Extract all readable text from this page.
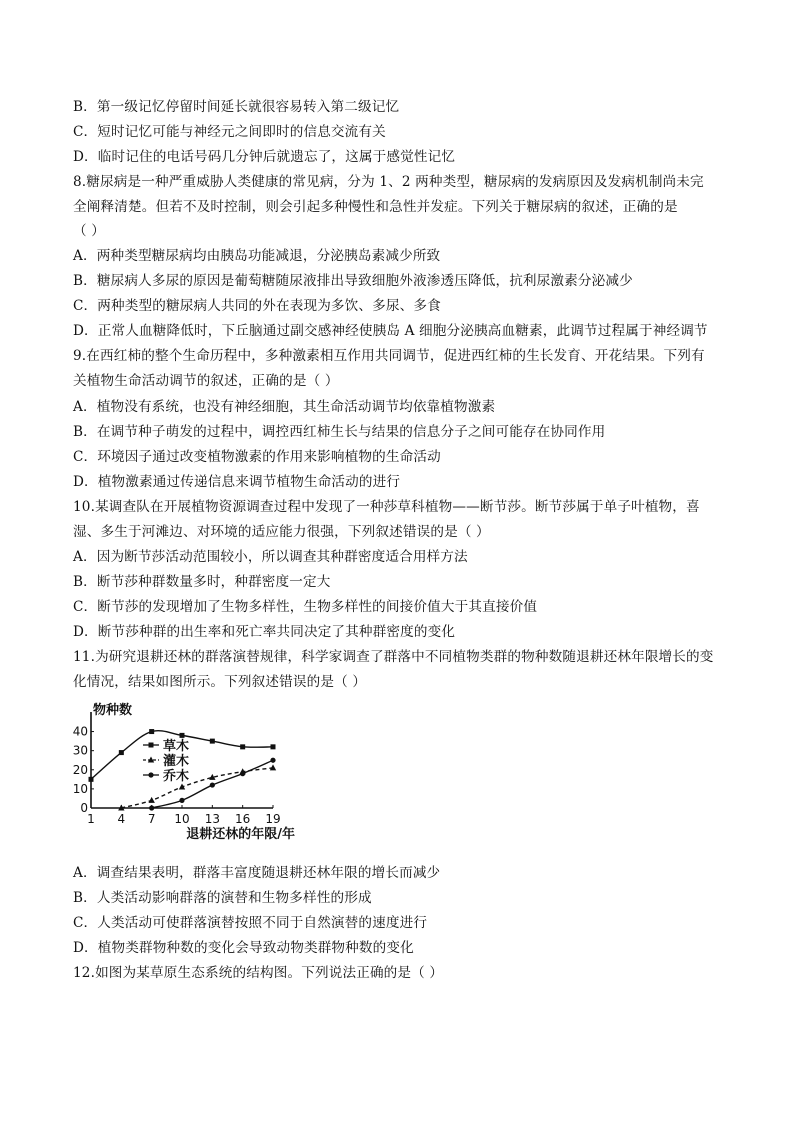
B．第一级记忆停留时间延长就很容易转入第二级记忆
C．短时记忆可能与神经元之间即时的信息交流有关
D．临时记住的电话号码几分钟后就遗忘了，这属于感觉性记忆
8.糖尿病是一种严重威胁人类健康的常见病，分为 1、2 两种类型，糖尿病的发病原因及发病机制尚未完
全阐释清楚。但若不及时控制，则会引起多种慢性和急性并发症。下列关于糖尿病的叙述，正确的是
（ ）
A．两种类型糖尿病均由胰岛功能减退，分泌胰岛素减少所致
B．糖尿病人多尿的原因是葡萄糖随尿液排出导致细胞外液渗透压降低，抗利尿激素分泌减少
C．两种类型的糖尿病人共同的外在表现为多饮、多尿、多食
D．正常人血糖降低时，下丘脑通过副交感神经使胰岛 A 细胞分泌胰高血糖素，此调节过程属于神经调节
9.在西红柿的整个生命历程中，多种激素相互作用共同调节，促进西红柿的生长发育、开花结果。下列有
关植物生命活动调节的叙述，正确的是（ ）
A．植物没有系统，也没有神经细胞，其生命活动调节均依靠植物激素
B．在调节种子萌发的过程中，调控西红柿生长与结果的信息分子之间可能存在协同作用
C．环境因子通过改变植物激素的作用来影响植物的生命活动
D．植物激素通过传递信息来调节植物生命活动的进行
10.某调查队在开展植物资源调查过程中发现了一种莎草科植物——断节莎。断节莎属于单子叶植物，喜
湿、多生于河滩边、对环境的适应能力很强，下列叙述错误的是（ ）
A．因为断节莎活动范围较小，所以调查其种群密度适合用样方法
B．断节莎种群数量多时，种群密度一定大
C．断节莎的发现增加了生物多样性，生物多样性的间接价值大于其直接价值
D．断节莎种群的出生率和死亡率共同决定了其种群密度的变化
11.为研究退耕还林的群落演替规律，科学家调查了群落中不同植物类群的物种数随退耕还林年限增长的变
化情况，结果如图所示。下列叙述错误的是（ ）
0
10
20
30
40
1 4 7 10 13 16 19
物种数
退耕还林的年限/年
草木
灌木
乔木
A．调查结果表明，群落丰富度随退耕还林年限的增长而减少
B．人类活动影响群落的演替和生物多样性的形成
C．人类活动可使群落演替按照不同于自然演替的速度进行
D．植物类群物种数的变化会导致动物类群物种数的变化
12.如图为某草原生态系统的结构图。下列说法正确的是（ ）
